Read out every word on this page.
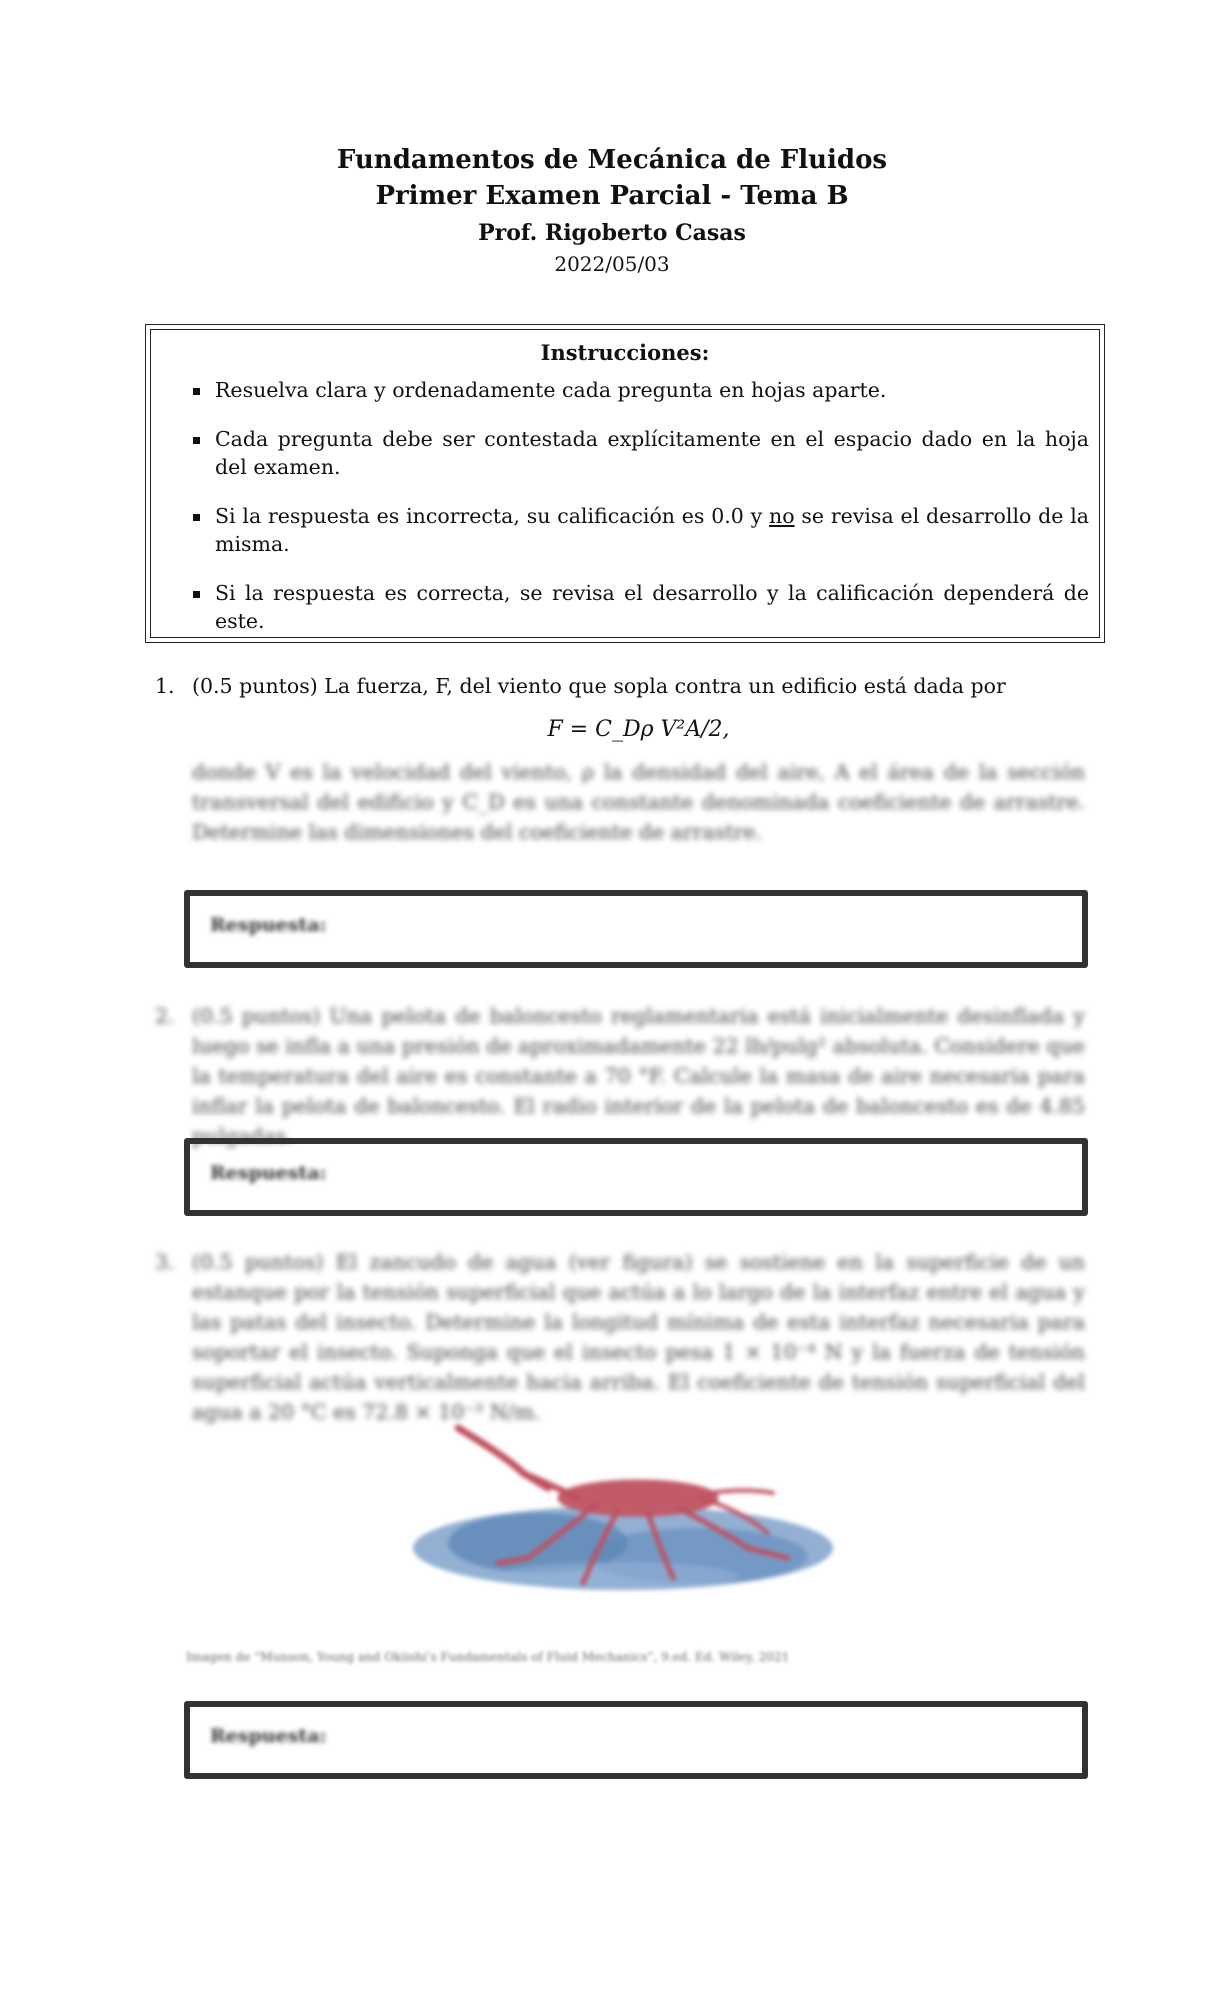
Fundamentos de Mecánica de Fluidos
Primer Examen Parcial - Tema B
Prof. Rigoberto Casas
2022/05/03
Instrucciones:
Resuelva clara y ordenadamente cada pregunta en hojas aparte.
Cada pregunta debe ser contestada explícitamente en el espacio dado en la hoja del examen.
Si la respuesta es incorrecta, su calificación es 0.0 y no se revisa el desarrollo de la misma.
Si la respuesta es correcta, se revisa el desarrollo y la calificación dependerá de este.
1. (0.5 puntos) La fuerza, F, del viento que sopla contra un edificio está dada por
F = C_Dρ V²A/2,
donde V es la velocidad del viento, ρ la densidad del aire, A el área de la sección transversal del edificio y C_D es una constante denominada coeficiente de arrastre. Determine las dimensiones del coeficiente de arrastre.
Respuesta:
2. (0.5 puntos) Una pelota de baloncesto reglamentaria está inicialmente desinflada y luego se infla a una presión de aproximadamente 22 lb/pulg² absoluta. Considere que la temperatura del aire es constante a 70 °F. Calcule la masa de aire necesaria para inflar la pelota de baloncesto. El radio interior de la pelota de baloncesto es de 4.85 pulgadas.
Respuesta:
3. (0.5 puntos) El zancudo de agua (ver figura) se sostiene en la superficie de un estanque por la tensión superficial que actúa a lo largo de la interfaz entre el agua y las patas del insecto. Determine la longitud mínima de esta interfaz necesaria para soportar el insecto. Suponga que el insecto pesa 1 × 10⁻⁴ N y la fuerza de tensión superficial actúa verticalmente hacia arriba. El coeficiente de tensión superficial del agua a 20 °C es 72.8 × 10⁻³ N/m.
Imagen de “Munson, Young and Okiishi’s Fundamentals of Fluid Mechanics”, 9.ed. Ed. Wiley, 2021
Respuesta:
